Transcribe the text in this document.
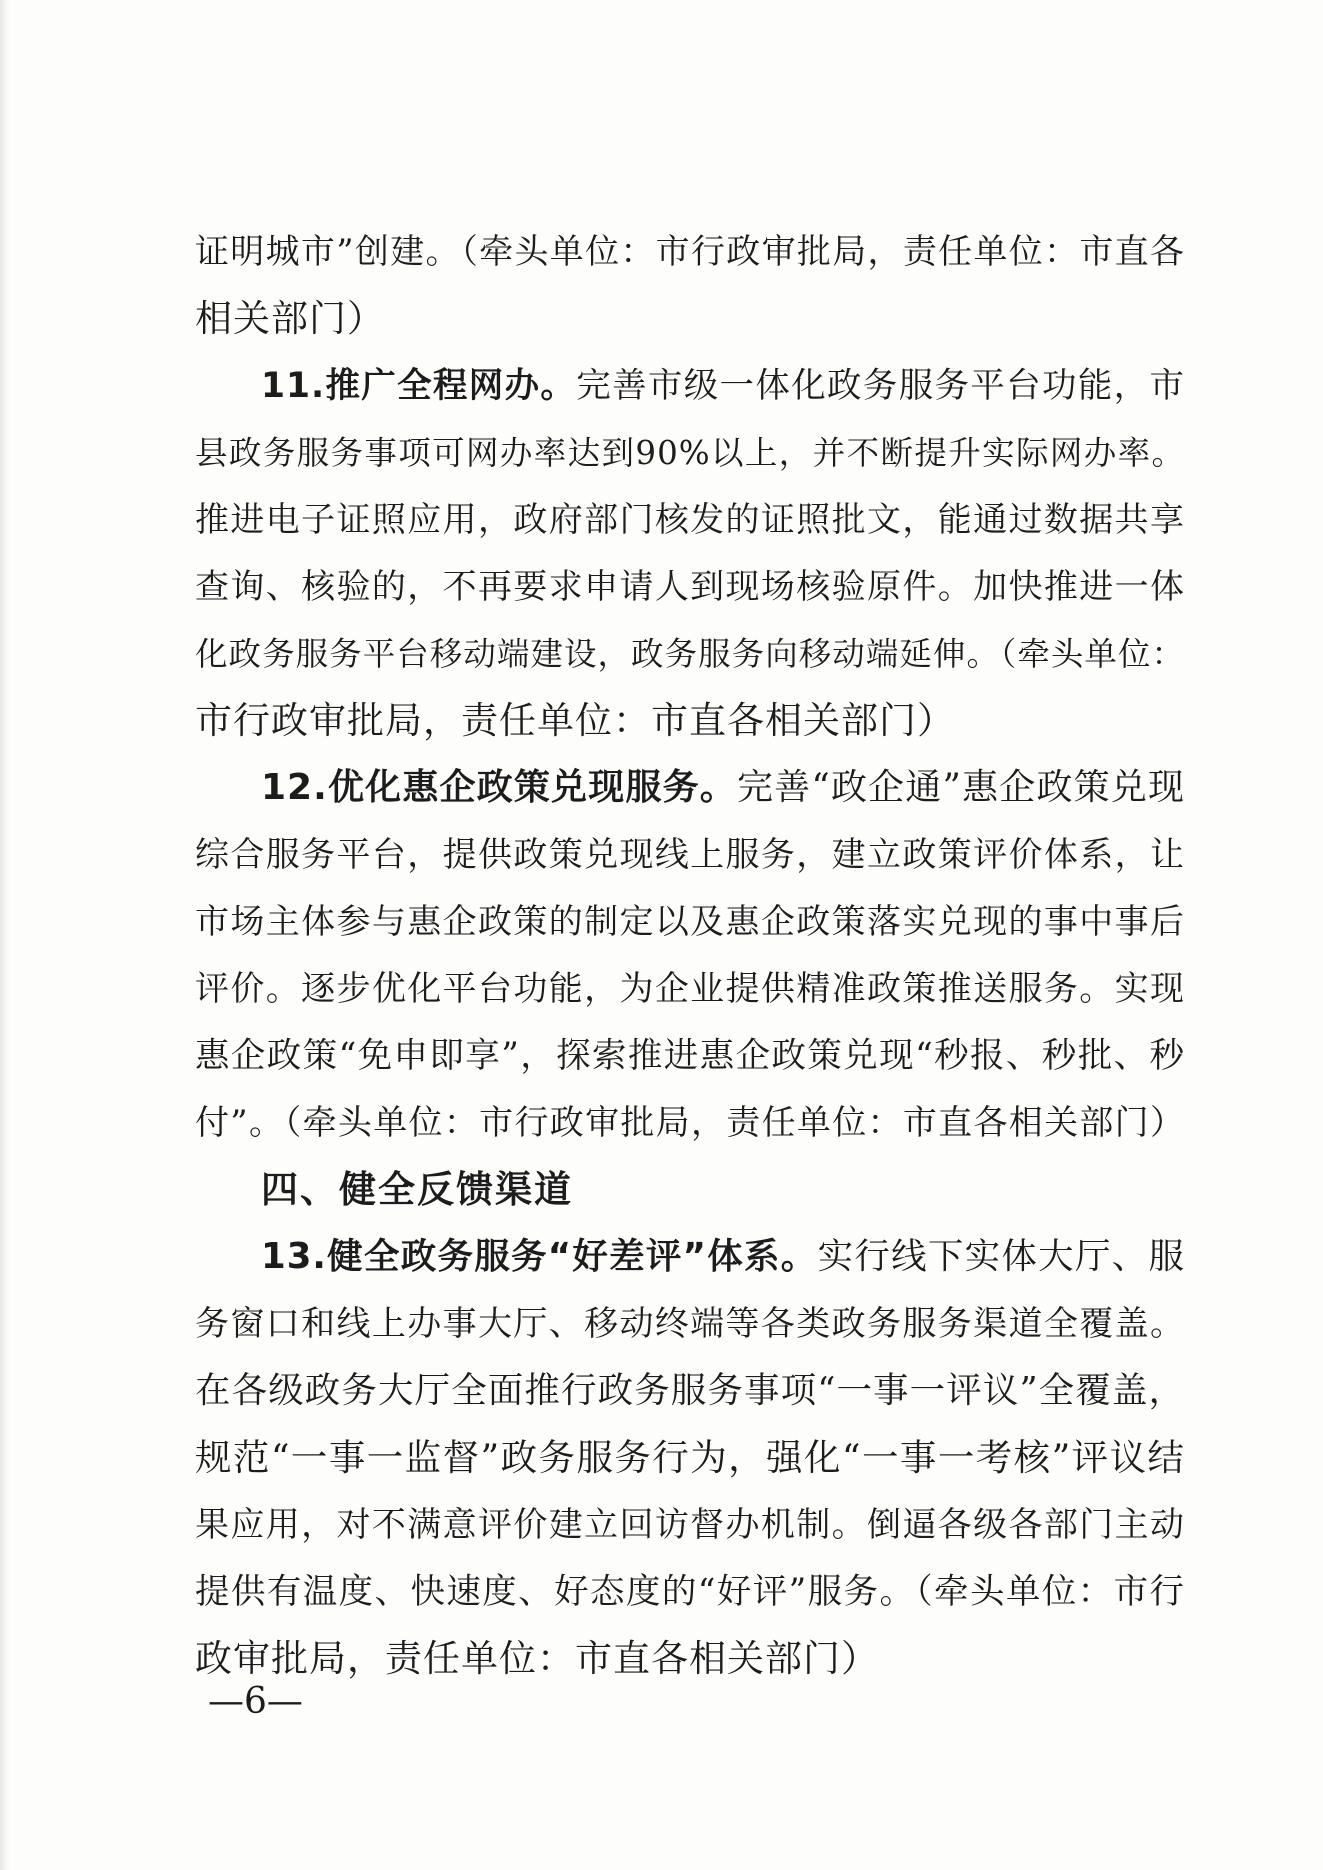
证明城市”创建。（牵头单位：市行政审批局，责任单位：市直各
相关部门）
11.推广全程网办。完善市级一体化政务服务平台功能，市
县政务服务事项可网办率达到90%以上，并不断提升实际网办率。
推进电子证照应用，政府部门核发的证照批文，能通过数据共享
查询、核验的，不再要求申请人到现场核验原件。加快推进一体
化政务服务平台移动端建设，政务服务向移动端延伸。（牵头单位：
市行政审批局，责任单位：市直各相关部门）
12.优化惠企政策兑现服务。完善“政企通”惠企政策兑现
综合服务平台，提供政策兑现线上服务，建立政策评价体系，让
市场主体参与惠企政策的制定以及惠企政策落实兑现的事中事后
评价。逐步优化平台功能，为企业提供精准政策推送服务。实现
惠企政策“免申即享”，探索推进惠企政策兑现“秒报、秒批、秒
付”。（牵头单位：市行政审批局，责任单位：市直各相关部门）
四、健全反馈渠道
13.健全政务服务“好差评”体系。实行线下实体大厅、服
务窗口和线上办事大厅、移动终端等各类政务服务渠道全覆盖。
在各级政务大厅全面推行政务服务事项“一事一评议”全覆盖，
规范“一事一监督”政务服务行为，强化“一事一考核”评议结
果应用，对不满意评价建立回访督办机制。倒逼各级各部门主动
提供有温度、快速度、好态度的“好评”服务。（牵头单位：市行
政审批局，责任单位：市直各相关部门）
—6—
